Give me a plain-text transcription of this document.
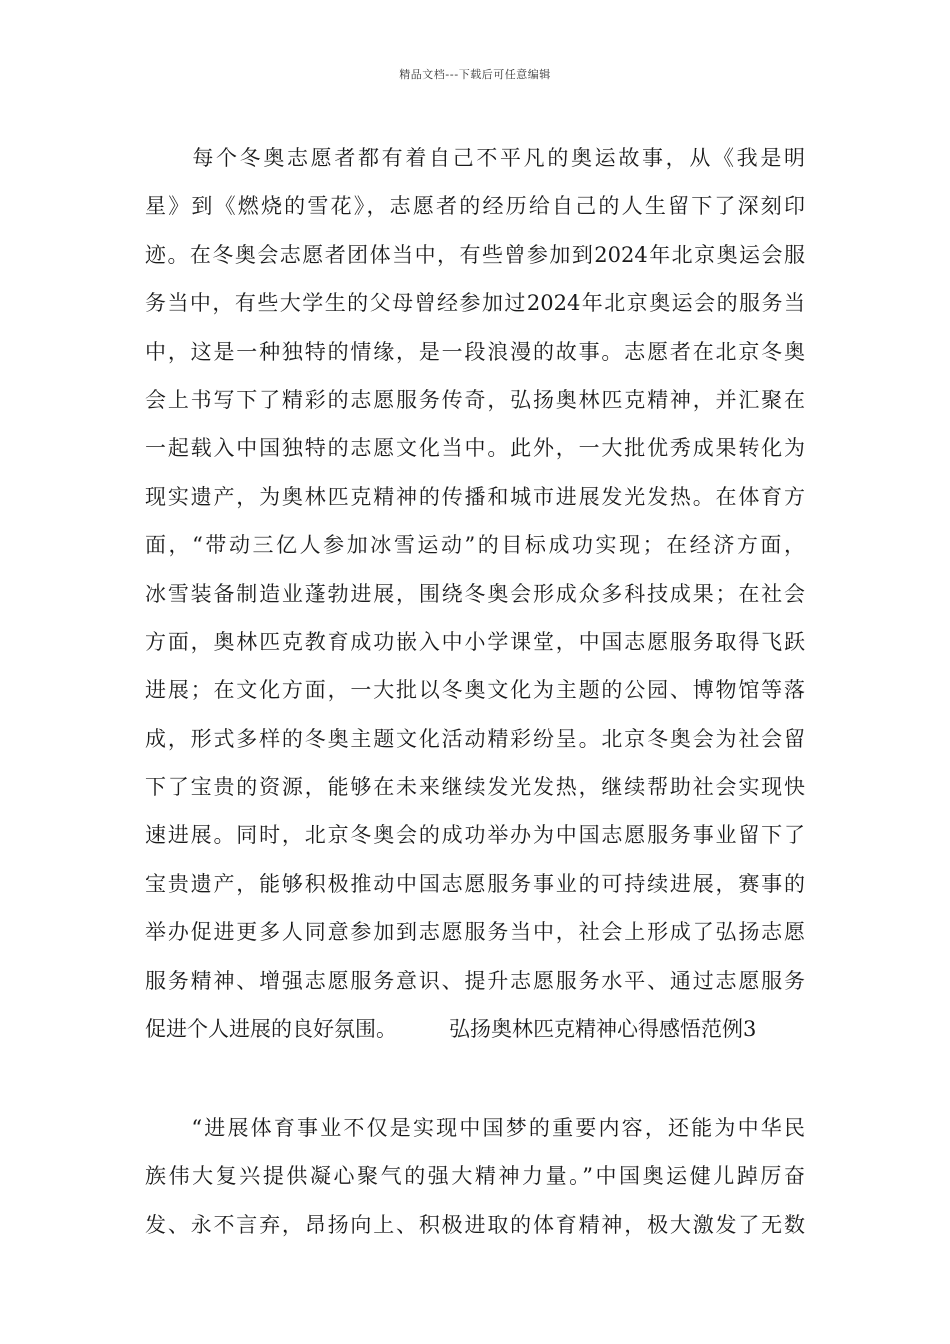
精品文档---下载后可任意编辑
　　每个冬奥志愿者都有着自己不平凡的奥运故事，从《我是明
星》到《燃烧的雪花》，志愿者的经历给自己的人生留下了深刻印
迹。在冬奥会志愿者团体当中，有些曾参加到2024年北京奥运会服
务当中，有些大学生的父母曾经参加过2024年北京奥运会的服务当
中，这是一种独特的情缘，是一段浪漫的故事。志愿者在北京冬奥
会上书写下了精彩的志愿服务传奇，弘扬奥林匹克精神，并汇聚在
一起载入中国独特的志愿文化当中。此外，一大批优秀成果转化为
现实遗产，为奥林匹克精神的传播和城市进展发光发热。在体育方
面，“带动三亿人参加冰雪运动”的目标成功实现；在经济方面，
冰雪装备制造业蓬勃进展，围绕冬奥会形成众多科技成果；在社会
方面，奥林匹克教育成功嵌入中小学课堂，中国志愿服务取得飞跃
进展；在文化方面，一大批以冬奥文化为主题的公园、博物馆等落
成，形式多样的冬奥主题文化活动精彩纷呈。北京冬奥会为社会留
下了宝贵的资源，能够在未来继续发光发热，继续帮助社会实现快
速进展。同时，北京冬奥会的成功举办为中国志愿服务事业留下了
宝贵遗产，能够积极推动中国志愿服务事业的可持续进展，赛事的
举办促进更多人同意参加到志愿服务当中，社会上形成了弘扬志愿
服务精神、增强志愿服务意识、提升志愿服务水平、通过志愿服务
促进个人进展的良好氛围。 弘扬奥林匹克精神心得感悟范例3
　　“进展体育事业不仅是实现中国梦的重要内容，还能为中华民
族伟大复兴提供凝心聚气的强大精神力量。”中国奥运健儿踔厉奋
发、永不言弃，昂扬向上、积极进取的体育精神，极大激发了无数
